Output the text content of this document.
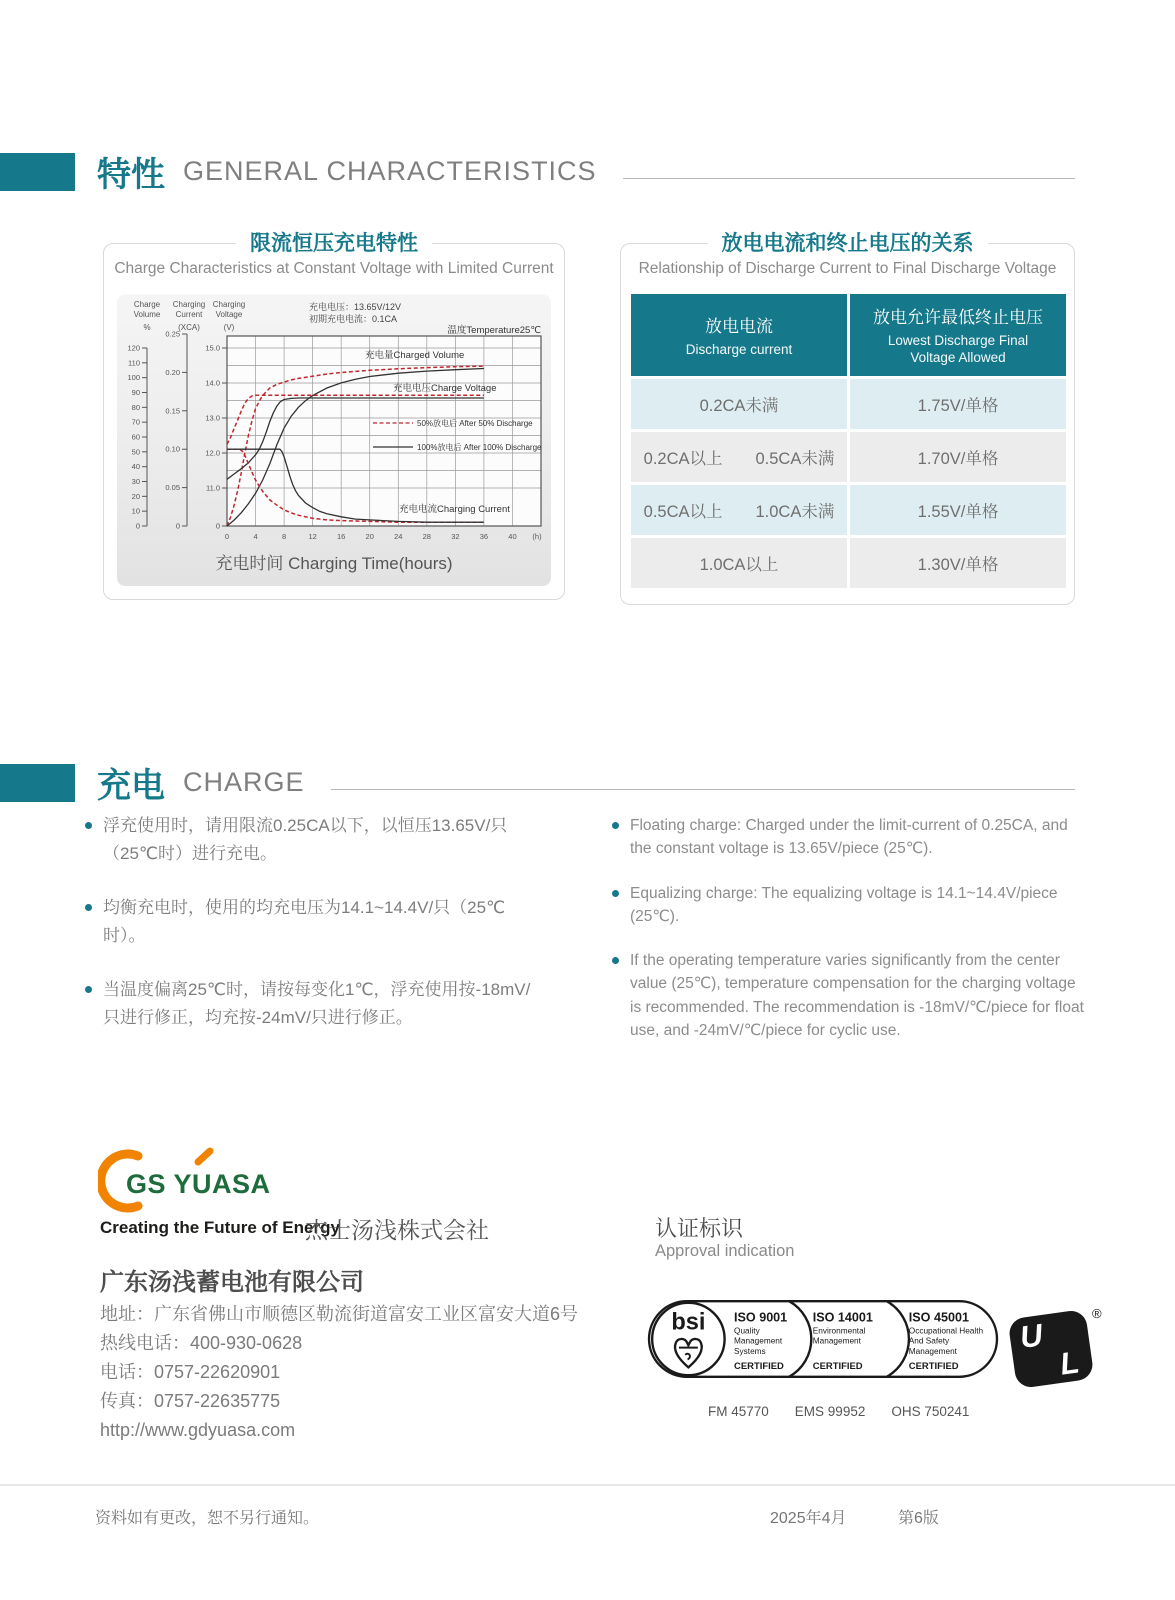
特性 GENERAL CHARACTERISTICS
限流恒压充电特性
Charge Characteristics at Constant Voltage with Limited Current
0
10
20
30
40
50
60
70
80
90
100
110
120
0
0.05
0.10
0.15
0.20
0.25
11.0
12.0
13.0
14.0
15.0
0
Charge
Volume
%
Charging
Current
(XCA)
Charging
Voltage
(V)
0	4	8	12	16	20	24	28	32	36	40 (h)
充电电压：13.65V/12V
初期充电电流：0.1CA
温度Temperature25℃
充电量Charged Volume
充电电压Charge Voltage
充电电流Charging Current
50%放电后 After 50% Discharge
100%放电后 After 100% Discharge
充电时间 Charging Time(hours)
放电电流和终止电压的关系
Relationship of Discharge Current to Final Discharge Voltage
放电电流
Discharge current
放电允许最低终止电压
Lowest Discharge Final Voltage Allowed
0.2CA未满	1.75V/单格
0.2CA以上　　0.5CA未满	1.70V/单格
0.5CA以上　　1.0CA未满	1.55V/单格
1.0CA以上	1.30V/单格
充电 CHARGE
浮充使用时，请用限流0.25CA以下，以恒压13.65V/只（25℃时）进行充电。
均衡充电时，使用的均充电压为14.1~14.4V/只（25℃时）。
当温度偏离25℃时，请按每变化1℃，浮充使用按-18mV/只进行修正，均充按-24mV/只进行修正。
Floating charge: Charged under the limit-current of 0.25CA, and the constant voltage is 13.65V/piece (25℃).
Equalizing charge: The equalizing voltage is 14.1~14.4V/piece (25℃).
If the operating temperature varies significantly from the center value (25℃), temperature compensation for the charging voltage is recommended. The recommendation is -18mV/℃/piece for float use, and -24mV/℃/piece for cyclic use.
GS YUASA
Creating the Future of Energy
杰士汤浅株式会社
广东汤浅蓄电池有限公司
地址：广东省佛山市顺德区勒流街道富安工业区富安大道6号
热线电话：400-930-0628
电话：0757-22620901
传真：0757-22635775
http://www.gdyuasa.com
认证标识
Approval indication
bsi ISO 9001
Quality
Management
Systems
CERTIFIED
ISO 14001
Environmental
Management
CERTIFIED
ISO 45001
Occupational Health
And Safety
Management
CERTIFIED
U
L
®
FM 45770 EMS 99952 OHS 750241
资料如有更改，恕不另行通知。	2025年4月	第6版
